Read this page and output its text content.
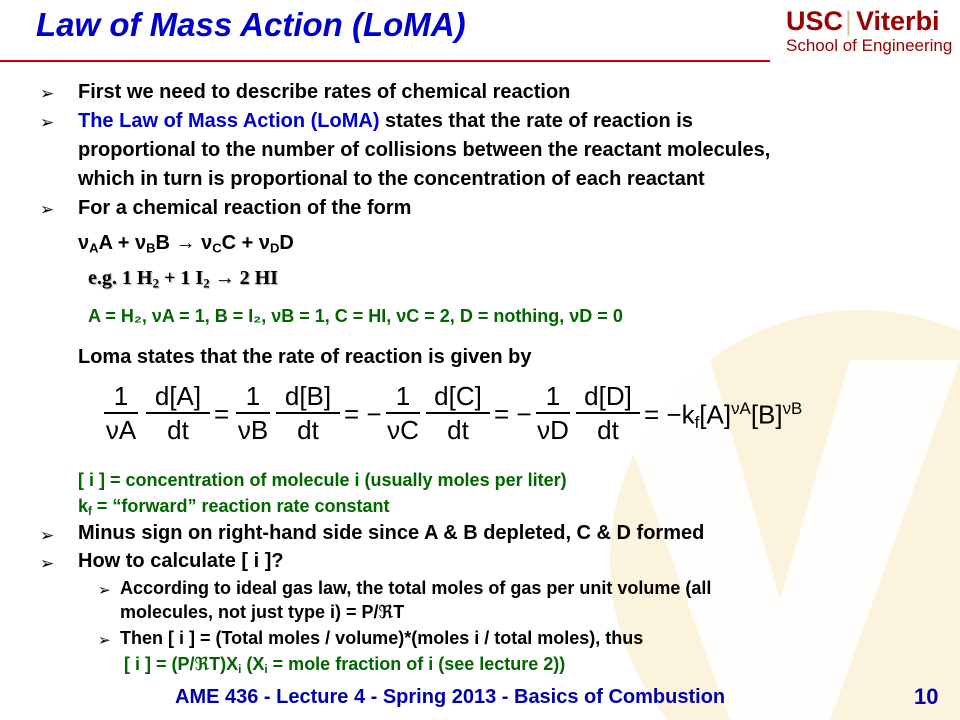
Law of Mass Action (LoMA)	USC| Viterbi
School of Engineering
➢ First we need to describe rates of chemical reaction
➢ The Law of Mass Action (LoMA) states that the rate of reaction is
proportional to the number of collisions between the reactant molecules,
which in turn is proportional to the concentration of each reactant
➢ For a chemical reaction of the form
$\nu_AA + \nu_BB \to \nu_CC + \nu_DD$
e.g. 1 $H_2 + 1$ $I_2 \to 2$ HI
A = H₂, νA = 1, B = I₂, νB = 1, C = HI, νC = 2, D = nothing, νD = 0
Loma states that the rate of reaction is given by
1
νA
d[A]
dt
=
1
νB
d[B]
dt
= −
1
νC
d[C]
dt
= −
1
νD
d[D]
dt
= $-k_f[A]^{\nu A}[B]^{\nu B}$
[ i ] = concentration of molecule i (usually moles per liter)
$k_f$ = “forward” reaction rate constant
➢ Minus sign on right-hand side since A & B depleted, C & D formed
➢ How to calculate [ i ]?
➢ According to ideal gas law, the total moles of gas per unit volume (all
molecules, not just type i) = P/ℜT
➢ Then [ i ] = (Total moles / volume)*(moles i / total moles), thus
[ i ] = $(P/ℜT)X_i$ ($X_i$ = mole fraction of i (see lecture 2))
AME 436 - Lecture 4 - Spring 2013 - Basics of Combustion	10
